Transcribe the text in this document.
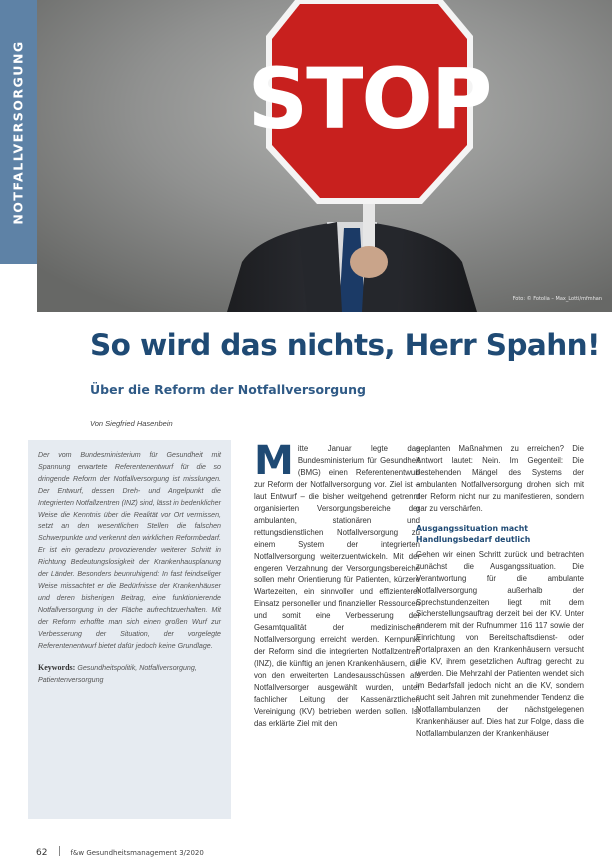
NOTFALLVERSORGUNG	STOP
Foto: © Fotolia – Max_Lotti/mfmhan
So wird das nichts, Herr Spahn!
Über die Reform der Notfallversorgung
Von Siegfried Hasenbein

Der vom Bundesministerium für Gesundheit mit Spannung erwartete Referentenentwurf für die so dringende Reform der Notfallversorgung ist misslungen. Der Entwurf, dessen Dreh- und Angelpunkt die Integrierten Notfallzentren (INZ) sind, lässt in bedenklicher Weise die Kenntnis über die Realität vor Ort vermissen, setzt an den wesentlichen Stellen die falschen Schwerpunkte und verkennt den wirklichen Reformbedarf. Er ist ein geradezu provozierender weiterer Schritt in Richtung Bedeutungslosigkeit der Krankenhausplanung der Länder. Besonders beunruhigend: In fast feindseliger Weise missachtet er die Bedürfnisse der Krankenhäuser und deren bisherigen Beitrag, eine funktionierende Notfallversorgung in der Fläche aufrechtzuerhalten. Mit der Reform erhoffte man sich einen großen Wurf zur Verbesserung der Situation, der vorgelegte Referentenentwurf bietet dafür jedoch keine Grundlage.

Keywords: Gesundheitspolitik, Notfallversorgung, Patientenversorgung

M itte Januar legte das Bundesministerium für Gesundheit (BMG) einen Referentenentwurf zur Reform der Notfallversorgung vor. Ziel ist – laut Entwurf – die bisher weitgehend getrennt organisierten Versorgungsbereiche der ambulanten, stationären und rettungsdienstlichen Notfallversorgung zu einem System der integrierten Notfallversorgung weiterzuentwickeln. Mit der engeren Verzahnung der Versorgungsbereiche sollen mehr Orientierung für Patienten, kürzere Wartezeiten, ein sinnvoller und effizienterer Einsatz personeller und finanzieller Ressourcen und somit eine Verbesserung der Gesamtqualität der medizinischen Notfallversorgung erreicht werden. Kernpunkt der Reform sind die integrierten Notfallzentren (INZ), die künftig an jenen Krankenhäusern, die von den erweiterten Landesausschüssen als Notfallversorger ausgewählt wurden, unter fachlicher Leitung der Kassenärztlichen Vereinigung (KV) betrieben werden sollen. Ist das erklärte Ziel mit den

geplanten Maßnahmen zu erreichen? Die Antwort lautet: Nein. Im Gegenteil: Die bestehenden Mängel des Systems der ambulanten Notfallversorgung drohen sich mit der Reform nicht nur zu manifestieren, sondern gar zu verschärfen.

Ausgangssituation macht Handlungsbedarf deutlich

Gehen wir einen Schritt zurück und betrachten zunächst die Ausgangssituation. Die Verantwortung für die ambulante Notfallversorgung außerhalb der Sprechstundenzeiten liegt mit dem Sicherstellungsauftrag derzeit bei der KV. Unter anderem mit der Rufnummer 116 117 sowie der Einrichtung von Bereitschaftsdienst- oder Portalpraxen an den Krankenhäusern versucht die KV, ihrem gesetzlichen Auftrag gerecht zu werden. Die Mehrzahl der Patienten wendet sich im Bedarfsfall jedoch nicht an die KV, sondern sucht seit Jahren mit zunehmender Tendenz die Notfallambulanzen der nächstgelegenen Krankenhäuser auf. Dies hat zur Folge, dass die Notfallambulanzen der Krankenhäuser

62	f&w Gesundheitsmanagement 3/2020
